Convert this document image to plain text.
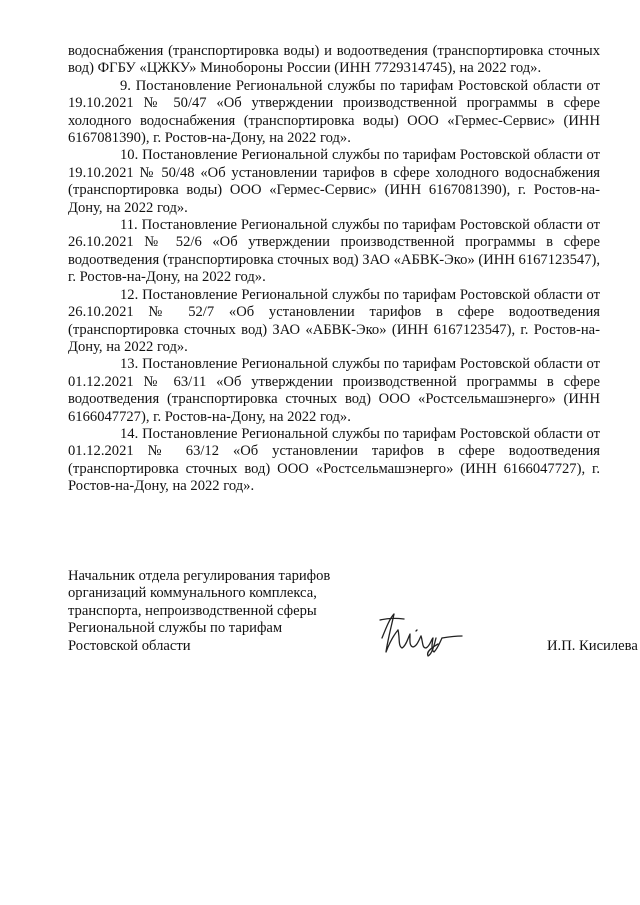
водоснабжения (транспортировка воды) и водоотведения (транспортировка сточных вод) ФГБУ «ЦЖКУ» Минобороны России (ИНН 7729314745), на 2022 год».

9. Постановление Региональной службы по тарифам Ростовской области от 19.10.2021 № 50/47 «Об утверждении производственной программы в сфере холодного водоснабжения (транспортировка воды) ООО «Гермес-Сервис» (ИНН 6167081390), г. Ростов-на-Дону, на 2022 год».

10. Постановление Региональной службы по тарифам Ростовской области от 19.10.2021 № 50/48 «Об установлении тарифов в сфере холодного водоснабжения (транспортировка воды) ООО «Гермес-Сервис» (ИНН 6167081390), г. Ростов-на-Дону, на 2022 год».

11. Постановление Региональной службы по тарифам Ростовской области от 26.10.2021 № 52/6 «Об утверждении производственной программы в сфере водоотведения (транспортировка сточных вод) ЗАО «АБВК-Эко» (ИНН 6167123547), г. Ростов-на-Дону, на 2022 год».

12. Постановление Региональной службы по тарифам Ростовской области от 26.10.2021 № 52/7 «Об установлении тарифов в сфере водоотведения (транспортировка сточных вод) ЗАО «АБВК-Эко» (ИНН 6167123547), г. Ростов-на-Дону, на 2022 год».

13. Постановление Региональной службы по тарифам Ростовской области от 01.12.2021 № 63/11 «Об утверждении производственной программы в сфере водоотведения (транспортировка сточных вод) ООО «Ростсельмашэнерго» (ИНН 6166047727), г. Ростов-на-Дону, на 2022 год».

14. Постановление Региональной службы по тарифам Ростовской области от 01.12.2021 № 63/12 «Об установлении тарифов в сфере водоотведения (транспортировка сточных вод) ООО «Ростсельмашэнерго» (ИНН 6166047727), г. Ростов-на-Дону, на 2022 год».

Начальник отдела регулирования тарифов

организаций коммунального комплекса,

транспорта, непроизводственной сферы

Региональной службы по тарифам

Ростовской области	И.П. Кисилева
